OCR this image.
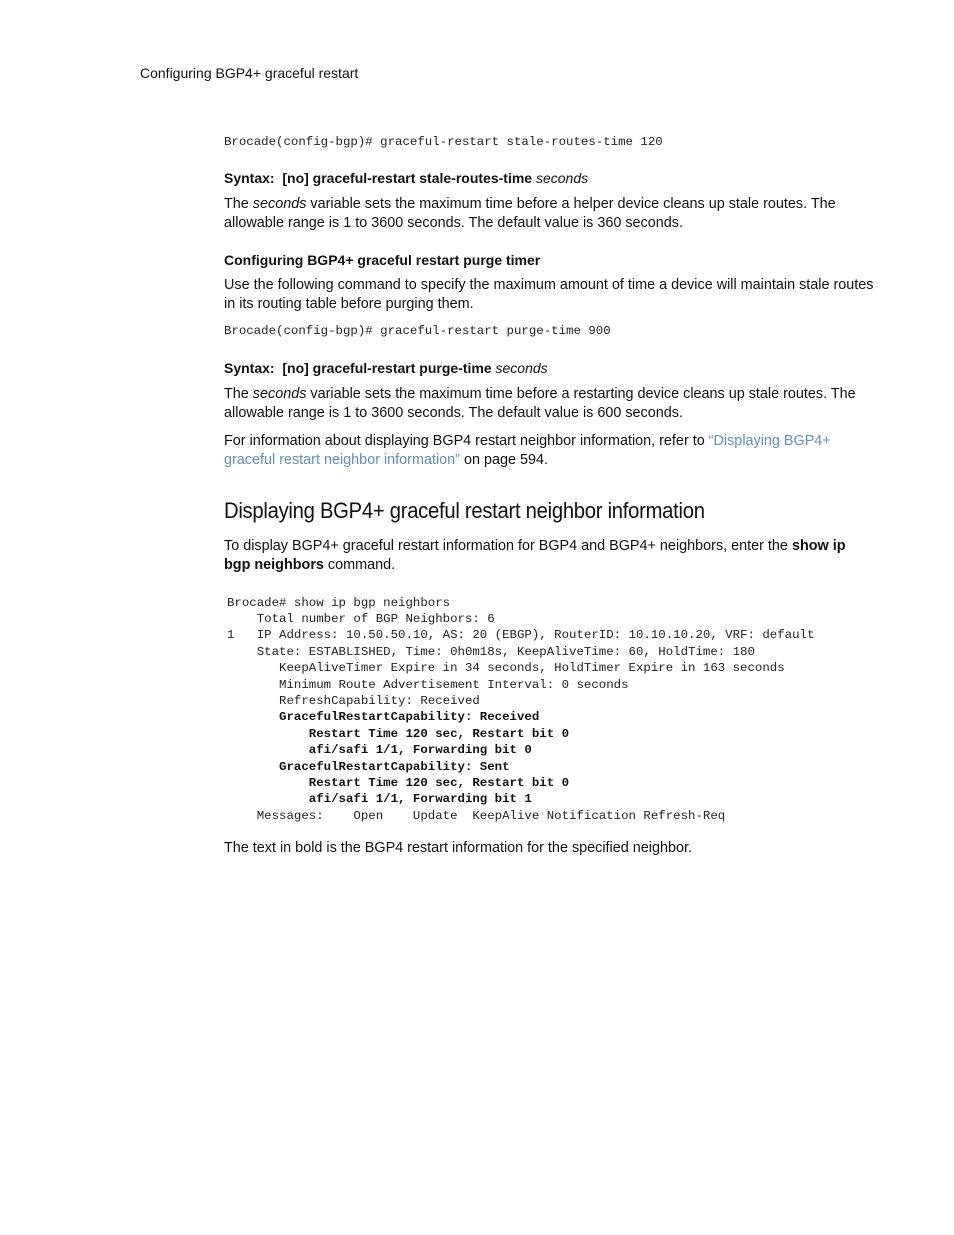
Configuring BGP4+ graceful restart
Brocade(config-bgp)# graceful-restart stale-routes-time 120

Syntax: [no] graceful-restart stale-routes-time seconds

The seconds variable sets the maximum time before a helper device cleans up stale routes. The allowable range is 1 to 3600 seconds. The default value is 360 seconds.

Configuring BGP4+ graceful restart purge timer

Use the following command to specify the maximum amount of time a device will maintain stale routes in its routing table before purging them.

Brocade(config-bgp)# graceful-restart purge-time 900

Syntax: [no] graceful-restart purge-time seconds

The seconds variable sets the maximum time before a restarting device cleans up stale routes. The allowable range is 1 to 3600 seconds. The default value is 600 seconds.

For information about displaying BGP4 restart neighbor information, refer to “Displaying BGP4+ graceful restart neighbor information” on page 594.

Displaying BGP4+ graceful restart neighbor information

To display BGP4+ graceful restart information for BGP4 and BGP4+ neighbors, enter the show ip bgp neighbors command.

Brocade# show ip bgp neighbors
Total number of BGP Neighbors: 6
1   IP Address: 10.50.50.10, AS: 20 (EBGP), RouterID: 10.10.10.20, VRF: default
State: ESTABLISHED, Time: 0h0m18s, KeepAliveTime: 60, HoldTime: 180
KeepAliveTimer Expire in 34 seconds, HoldTimer Expire in 163 seconds
Minimum Route Advertisement Interval: 0 seconds
RefreshCapability: Received
GracefulRestartCapability: Received
Restart Time 120 sec, Restart bit 0
afi/safi 1/1, Forwarding bit 0
GracefulRestartCapability: Sent
Restart Time 120 sec, Restart bit 0
afi/safi 1/1, Forwarding bit 1
Messages:    Open    Update  KeepAlive Notification Refresh-Req

The text in bold is the BGP4 restart information for the specified neighbor.
